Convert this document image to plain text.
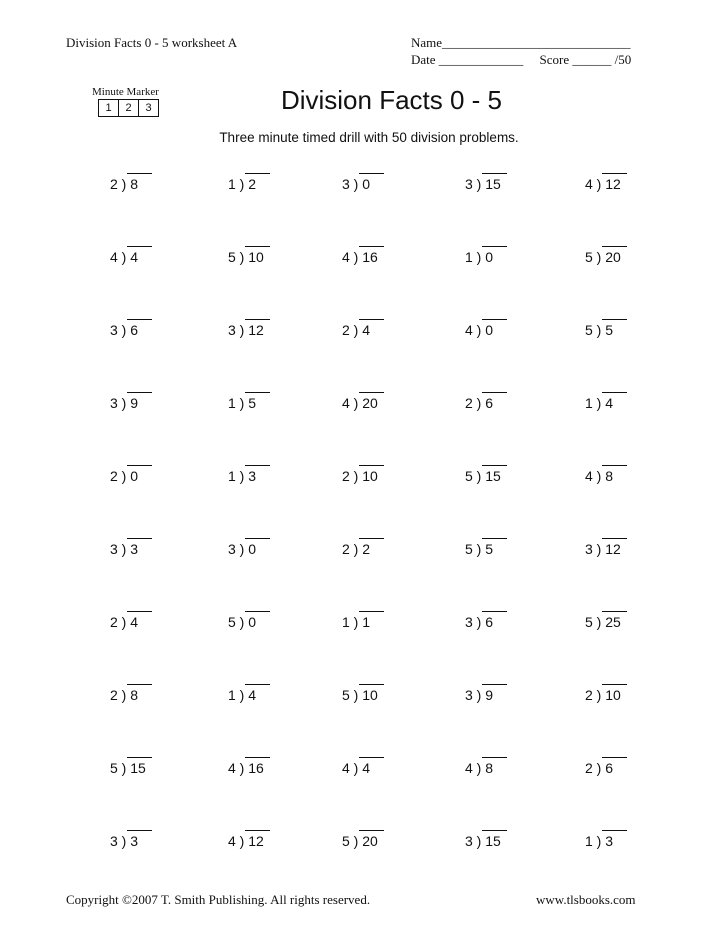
Division Facts 0 - 5 worksheet A	Name_____________________________
Date _____________     Score ______ /50
Minute Marker
1	2	3	Division Facts 0 - 5
Three minute timed drill with 50 division problems.
2 ) 8	1 ) 2	3 ) 0	3 ) 15	4 ) 12
4 ) 4	5 ) 10	4 ) 16	1 ) 0	5 ) 20
3 ) 6	3 ) 12	2 ) 4	4 ) 0	5 ) 5
3 ) 9	1 ) 5	4 ) 20	2 ) 6	1 ) 4
2 ) 0	1 ) 3	2 ) 10	5 ) 15	4 ) 8
3 ) 3	3 ) 0	2 ) 2	5 ) 5	3 ) 12
2 ) 4	5 ) 0	1 ) 1	3 ) 6	5 ) 25
2 ) 8	1 ) 4	5 ) 10	3 ) 9	2 ) 10
5 ) 15	4 ) 16	4 ) 4	4 ) 8	2 ) 6
3 ) 3	4 ) 12	5 ) 20	3 ) 15	1 ) 3
Copyright ©2007 T. Smith Publishing. All rights reserved.	www.tlsbooks.com
